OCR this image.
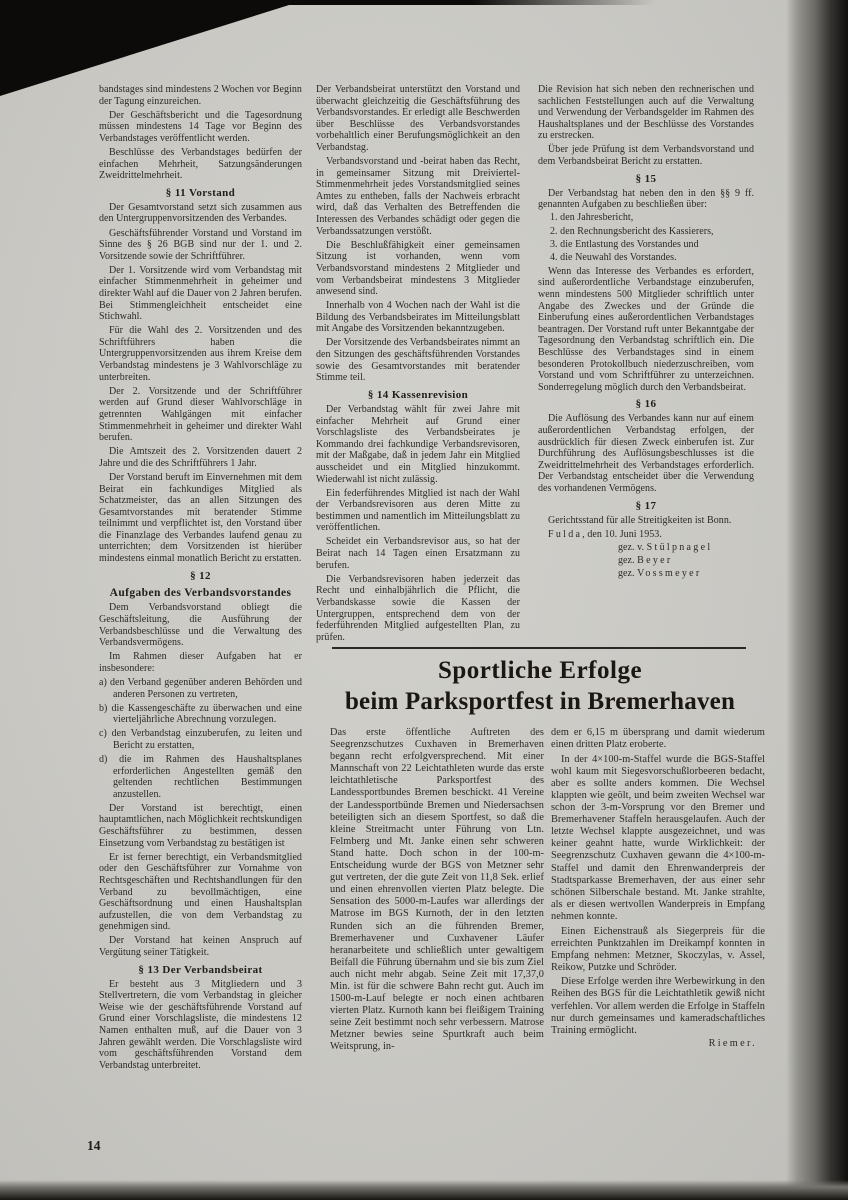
bandstages sind mindestens 2 Wochen vor Beginn der Tagung einzureichen.

Der Geschäftsbericht und die Tagesordnung müssen mindestens 14 Tage vor Beginn des Verbandstages veröffentlicht werden.

Beschlüsse des Verbandstages bedürfen der einfachen Mehrheit, Satzungsänderungen Zweidrittelmehrheit.

§ 11 Vorstand

Der Gesamtvorstand setzt sich zusammen aus den Untergruppenvorsitzenden des Verbandes.

Geschäftsführender Vorstand und Vorstand im Sinne des § 26 BGB sind nur der 1. und 2. Vorsitzende sowie der Schriftführer.

Der 1. Vorsitzende wird vom Verbandstag mit einfacher Stimmenmehrheit in geheimer und direkter Wahl auf die Dauer von 2 Jahren berufen. Bei Stimmengleichheit entscheidet eine Stichwahl.

Für die Wahl des 2. Vorsitzenden und des Schriftführers haben die Untergruppenvorsitzenden aus ihrem Kreise dem Verbandstag mindestens je 3 Wahlvorschläge zu unterbreiten.

Der 2. Vorsitzende und der Schriftführer werden auf Grund dieser Wahlvorschläge in getrennten Wahlgängen mit einfacher Stimmenmehrheit in geheimer und direkter Wahl berufen.

Die Amtszeit des 2. Vorsitzenden dauert 2 Jahre und die des Schriftführers 1 Jahr.

Der Vorstand beruft im Einvernehmen mit dem Beirat ein fachkundiges Mitglied als Schatzmeister, das an allen Sitzungen des Gesamtvorstandes mit beratender Stimme teilnimmt und verpflichtet ist, den Vorstand über die Finanzlage des Verbandes laufend genau zu unterrichten; dem Vorsitzenden ist hierüber mindestens einmal monatlich Bericht zu erstatten.

§ 12

Aufgaben des Verbandsvorstandes

Dem Verbandsvorstand obliegt die Geschäftsleitung, die Ausführung der Verbandsbeschlüsse und die Verwaltung des Verbandsvermögens.

Im Rahmen dieser Aufgaben hat er insbesondere:

a) den Verband gegenüber anderen Behörden und anderen Personen zu vertreten,

b) die Kassengeschäfte zu überwachen und eine vierteljährliche Abrechnung vorzulegen.

c) den Verbandstag einzuberufen, zu leiten und Bericht zu erstatten,

d) die im Rahmen des Haushaltsplanes erforderlichen Angestellten gemäß den geltenden rechtlichen Bestimmungen anzustellen.

Der Vorstand ist berechtigt, einen hauptamtlichen, nach Möglichkeit rechtskundigen Geschäftsführer zu bestimmen, dessen Einsetzung vom Verbandstag zu bestätigen ist

Er ist ferner berechtigt, ein Verbandsmitglied oder den Geschäftsführer zur Vornahme von Rechtsgeschäften und Rechtshandlungen für den Verband zu bevollmächtigen, eine Geschäftsordnung und einen Haushaltsplan aufzustellen, die von dem Verbandstag zu genehmigen sind.

Der Vorstand hat keinen Anspruch auf Vergütung seiner Tätigkeit.

§ 13 Der Verbandsbeirat

Er besteht aus 3 Mitgliedern und 3 Stellvertretern, die vom Verbandstag in gleicher Weise wie der geschäftsführende Vorstand auf Grund einer Vorschlagsliste, die mindestens 12 Namen enthalten muß, auf die Dauer von 3 Jahren gewählt werden. Die Vorschlagsliste wird vom geschäftsführenden Vorstand dem Verbandstag unterbreitet.

Der Verbandsbeirat unterstützt den Vorstand und überwacht gleichzeitig die Geschäftsführung des Verbandsvorstandes. Er erledigt alle Beschwerden über Beschlüsse des Verbandsvorstandes vorbehaltlich einer Berufungsmöglichkeit an den Verbandstag.

Verbandsvorstand und -beirat haben das Recht, in gemeinsamer Sitzung mit Dreiviertel-Stimmenmehrheit jedes Vorstandsmitglied seines Amtes zu entheben, falls der Nachweis erbracht wird, daß das Verhalten des Betreffenden die Interessen des Verbandes schädigt oder gegen die Verbandssatzungen verstößt.

Die Beschlußfähigkeit einer gemeinsamen Sitzung ist vorhanden, wenn vom Verbandsvorstand mindestens 2 Mitglieder und vom Verbandsbeirat mindestens 3 Mitglieder anwesend sind.

Innerhalb von 4 Wochen nach der Wahl ist die Bildung des Verbandsbeirates im Mitteilungsblatt mit Angabe des Vorsitzenden bekanntzugeben.

Der Vorsitzende des Verbandsbeirates nimmt an den Sitzungen des geschäftsführenden Vorstandes sowie des Gesamtvorstandes mit beratender Stimme teil.

§ 14 Kassenrevision

Der Verbandstag wählt für zwei Jahre mit einfacher Mehrheit auf Grund einer Vorschlagsliste des Verbandsbeirates je Kommando drei fachkundige Verbandsrevisoren, mit der Maßgabe, daß in jedem Jahr ein Mitglied ausscheidet und ein Mitglied hinzukommt. Wiederwahl ist nicht zulässig.

Ein federführendes Mitglied ist nach der Wahl der Verbandsrevisoren aus deren Mitte zu bestimmen und namentlich im Mitteilungsblatt zu veröffentlichen.

Scheidet ein Verbandsrevisor aus, so hat der Beirat nach 14 Tagen einen Ersatzmann zu berufen.

Die Verbandsrevisoren haben jederzeit das Recht und einhalbjährlich die Pflicht, die Verbandskasse sowie die Kassen der Untergruppen, entsprechend dem von der federführenden Mitglied aufgestellten Plan, zu prüfen.

Die Revision hat sich neben den rechnerischen und sachlichen Feststellungen auch auf die Verwaltung und Verwendung der Verbandsgelder im Rahmen des Haushaltsplanes und der Beschlüsse des Vorstandes zu erstrecken.

Über jede Prüfung ist dem Verbandsvorstand und dem Verbandsbeirat Bericht zu erstatten.

§ 15

Der Verbandstag hat neben den in den §§ 9 ff. genannten Aufgaben zu beschließen über:

1. den Jahresbericht,

2. den Rechnungsbericht des Kassierers,

3. die Entlastung des Vorstandes und

4. die Neuwahl des Vorstandes.

Wenn das Interesse des Verbandes es erfordert, sind außerordentliche Verbandstage einzuberufen, wenn mindestens 500 Mitglieder schriftlich unter Angabe des Zweckes und der Gründe die Einberufung eines außerordentlichen Verbandstages beantragen. Der Vorstand ruft unter Bekanntgabe der Tagesordnung den Verbandstag schriftlich ein. Die Beschlüsse des Verbandstages sind in einem besonderen Protokollbuch niederzuschreiben, vom Vorstand und vom Schriftführer zu unterzeichnen. Sonderregelung möglich durch den Verbandsbeirat.

§ 16

Die Auflösung des Verbandes kann nur auf einem außerordentlichen Verbandstag erfolgen, der ausdrücklich für diesen Zweck einberufen ist. Zur Durchführung des Auflösungsbeschlusses ist die Zweidrittelmehrheit des Verbandstages erforderlich. Der Verbandstag entscheidet über die Verwendung des vorhandenen Vermögens.

§ 17

Gerichtsstand für alle Streitigkeiten ist Bonn.

Fulda, den 10. Juni 1953.

gez. v. Stülpnagel

gez. Beyer

gez. Vossmeyer

Sportliche Erfolge
beim Parksportfest in Bremerhaven

Das erste öffentliche Auftreten des Seegrenzschutzes Cuxhaven in Bremerhaven begann recht erfolgversprechend. Mit einer Mannschaft von 22 Leichtathleten wurde das erste leichtathletische Parksportfest des Landessportbundes Bremen beschickt. 41 Vereine der Landessportbünde Bremen und Niedersachsen beteiligten sich an diesem Sportfest, so daß die kleine Streitmacht unter Führung von Ltn. Felmberg und Mt. Janke einen sehr schweren Stand hatte. Doch schon in der 100-m-Entscheidung wurde der BGS von Metzner sehr gut vertreten, der die gute Zeit von 11,8 Sek. erlief und einen ehrenvollen vierten Platz belegte. Die Sensation des 5000-m-Laufes war allerdings der Matrose im BGS Kurnoth, der in den letzten Runden sich an die führenden Bremer, Bremerhavener und Cuxhavener Läufer heranarbeitete und schließlich unter gewaltigem Beifall die Führung übernahm und sie bis zum Ziel auch nicht mehr abgab. Seine Zeit mit 17,37,0 Min. ist für die schwere Bahn recht gut. Auch im 1500-m-Lauf belegte er noch einen achtbaren vierten Platz. Kurnoth kann bei fleißigem Training seine Zeit bestimmt noch sehr verbessern. Matrose Metzner bewies seine Spurtkraft auch beim Weitsprung, in-

dem er 6,15 m übersprang und damit wiederum einen dritten Platz eroberte.

In der 4×100-m-Staffel wurde die BGS-Staffel wohl kaum mit Siegesvorschußlorbeeren bedacht, aber es sollte anders kommen. Die Wechsel klappten wie geölt, und beim zweiten Wechsel war schon der 3-m-Vorsprung vor den Bremer und Bremerhavener Staffeln herausgelaufen. Auch der letzte Wechsel klappte ausgezeichnet, und was keiner geahnt hatte, wurde Wirklichkeit: der Seegrenzschutz Cuxhaven gewann die 4×100-m-Staffel und damit den Ehrenwanderpreis der Stadtsparkasse Bremerhaven, der aus einer sehr schönen Silberschale bestand. Mt. Janke strahlte, als er diesen wertvollen Wanderpreis in Empfang nehmen konnte.

Einen Eichenstrauß als Siegerpreis für die erreichten Punktzahlen im Dreikampf konnten in Empfang nehmen: Metzner, Skoczylas, v. Assel, Reikow, Putzke und Schröder.

Diese Erfolge werden ihre Werbewirkung in den Reihen des BGS für die Leichtathletik gewiß nicht verfehlen. Vor allem werden die Erfolge in Staffeln nur durch gemeinsames und kameradschaftliches Training ermöglicht.

Riemer.

14
